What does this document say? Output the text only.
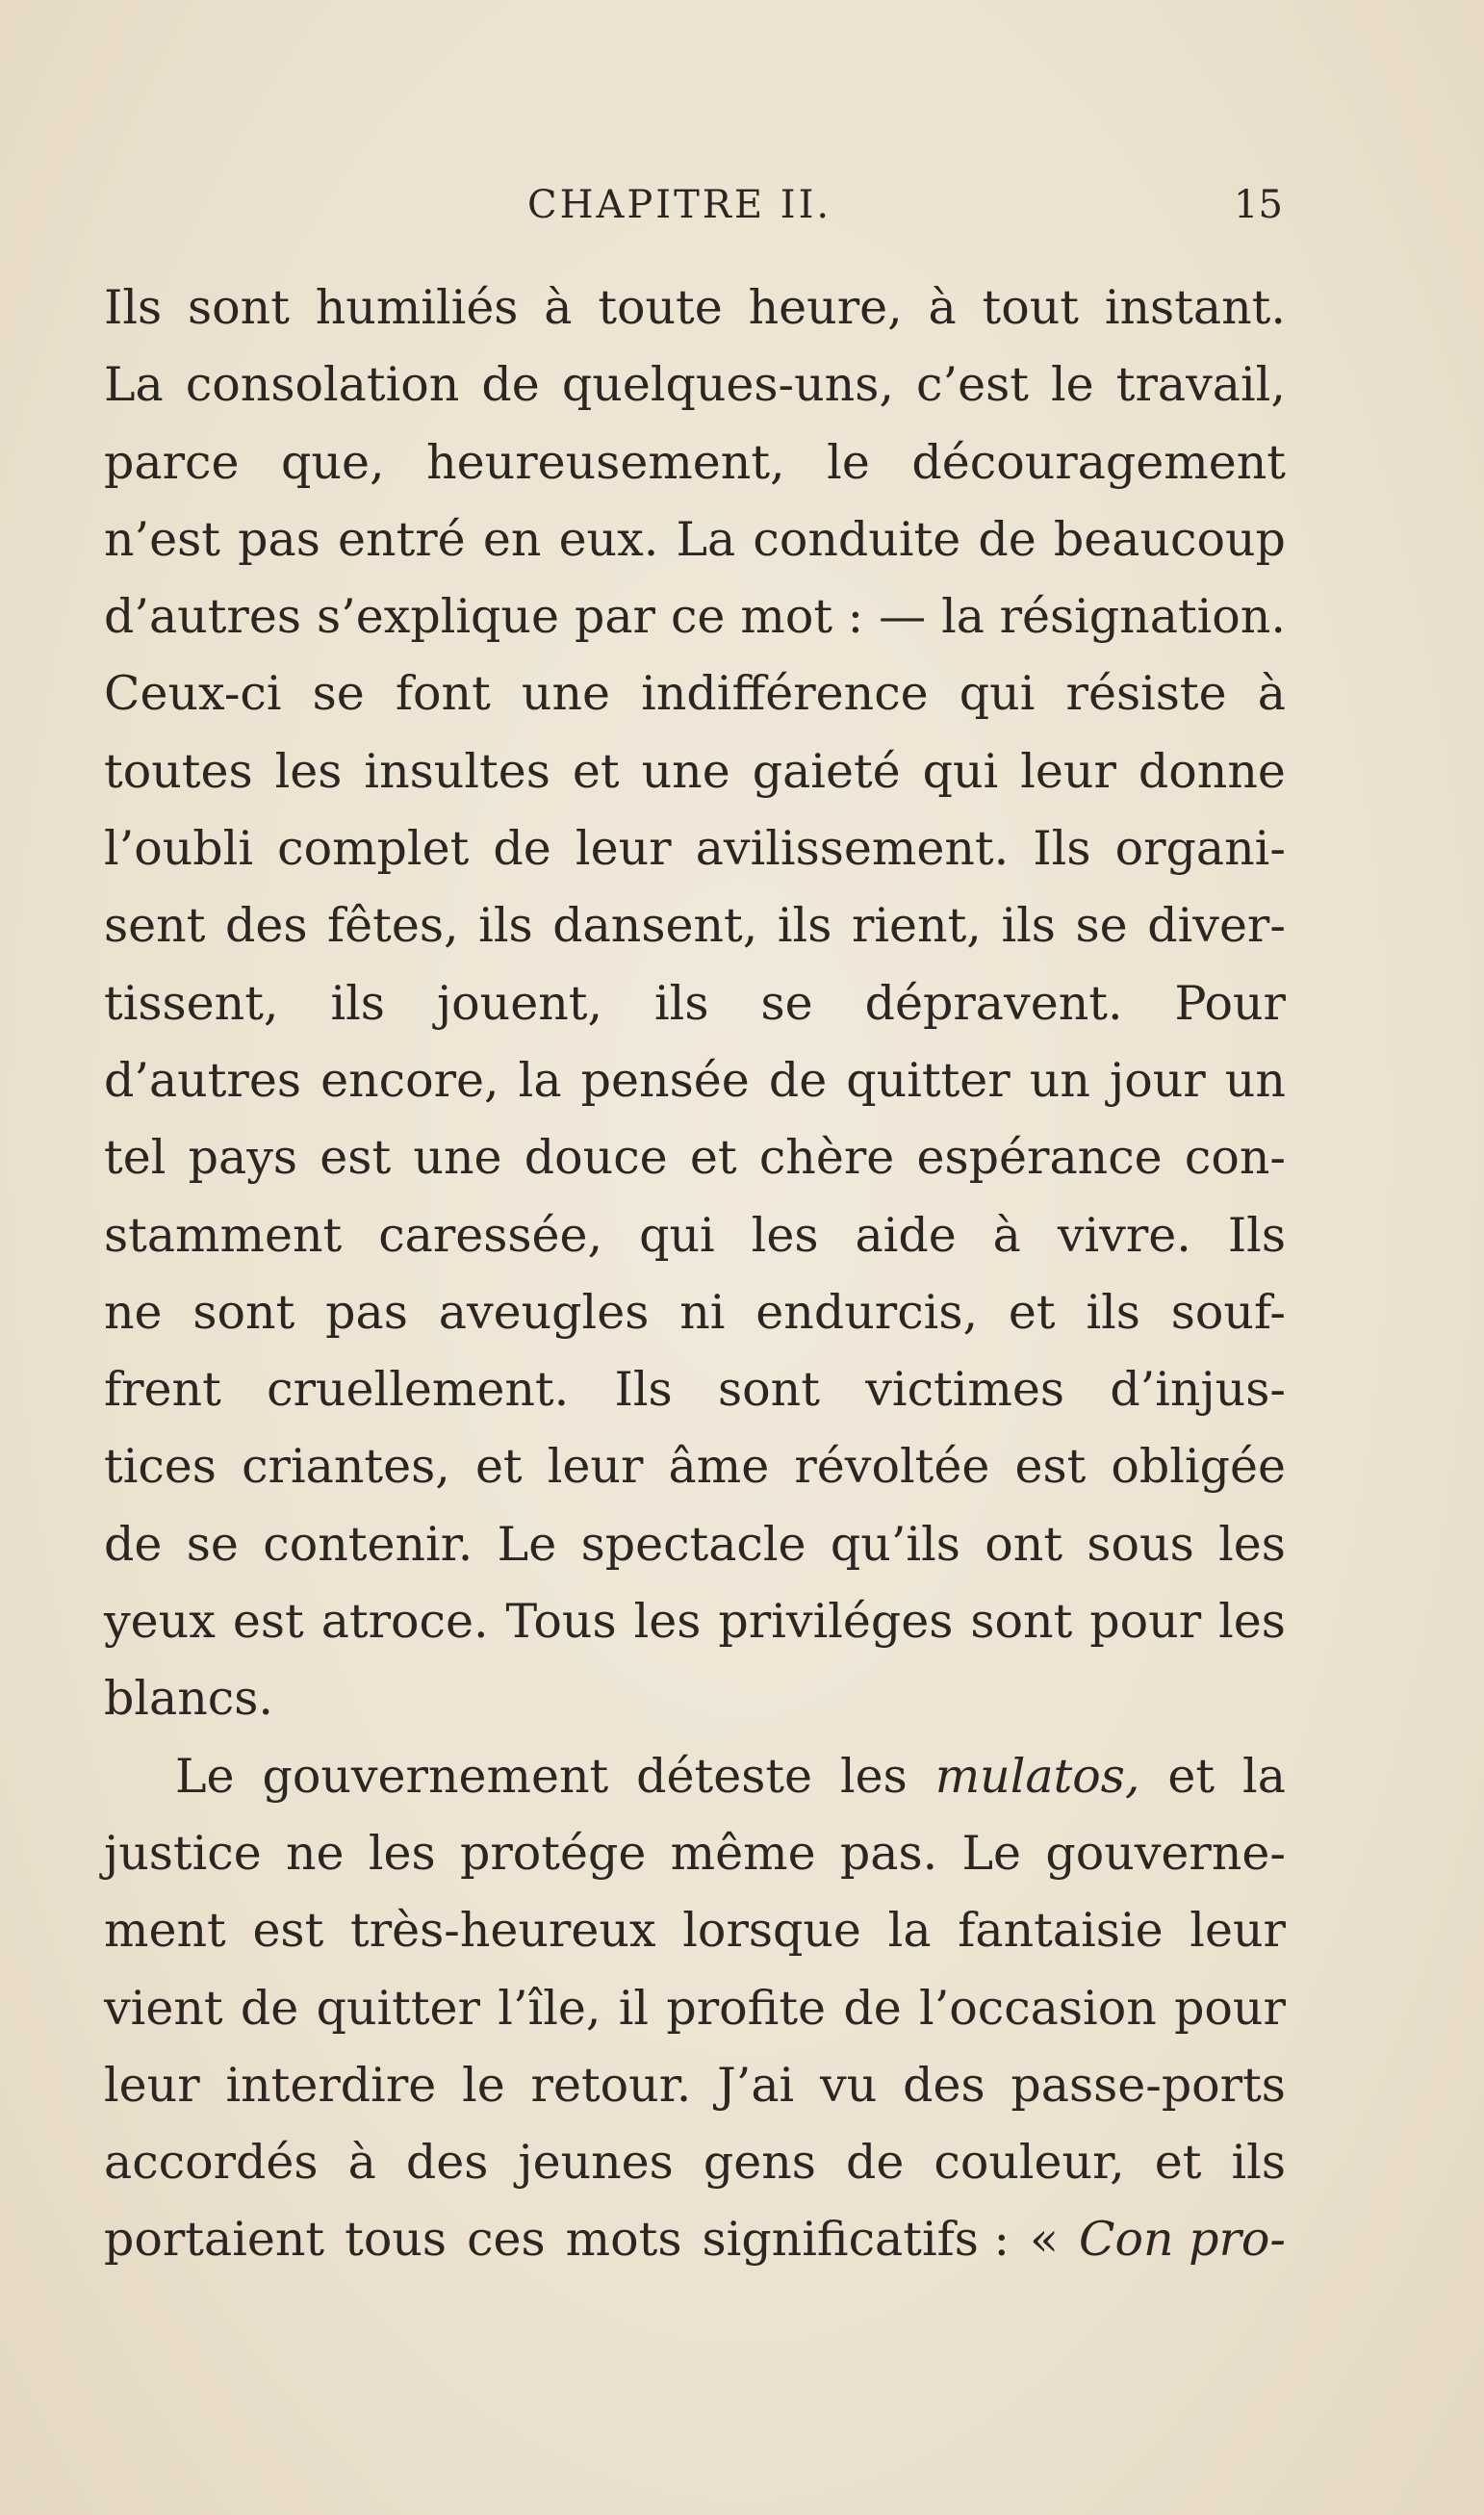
CHAPITRE II.	15
Ils sont humiliés à toute heure, à tout instant.
La consolation de quelques-uns, c’est le travail,
parce que, heureusement, le découragement
n’est pas entré en eux. La conduite de beaucoup
d’autres s’explique par ce mot : — la résignation.
Ceux-ci se font une indifférence qui résiste à
toutes les insultes et une gaieté qui leur donne
l’oubli complet de leur avilissement. Ils organi-
sent des fêtes, ils dansent, ils rient, ils se diver-
tissent, ils jouent, ils se dépravent. Pour
d’autres encore, la pensée de quitter un jour un
tel pays est une douce et chère espérance con-
stamment caressée, qui les aide à vivre. Ils
ne sont pas aveugles ni endurcis, et ils souf-
frent cruellement. Ils sont victimes d’injus-
tices criantes, et leur âme révoltée est obligée
de se contenir. Le spectacle qu’ils ont sous les
yeux est atroce. Tous les priviléges sont pour les
blancs.
Le gouvernement déteste les mulatos, et la
justice ne les protége même pas. Le gouverne-
ment est très-heureux lorsque la fantaisie leur
vient de quitter l’île, il profite de l’occasion pour
leur interdire le retour. J’ai vu des passe-ports
accordés à des jeunes gens de couleur, et ils
portaient tous ces mots significatifs : « Con pro-
